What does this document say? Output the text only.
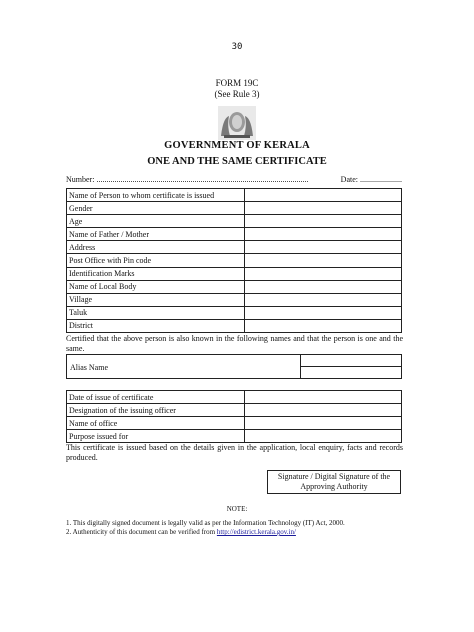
30
FORM 19C
(See Rule 3)
GOVERNMENT OF KERALA
ONE AND THE SAME CERTIFICATE
Number: ..........................................................................................................	Date: .....................
Name of Person to whom certificate is issued	
Gender	
Age	
Name of Father / Mother	
Address	
Post Office with Pin code	
Identification Marks	
Name of Local Body	
Village	
Taluk	
District	
Certified that the above person is also known in the following names and that the person is one and the same.
Alias Name
Date of issue of certificate	
Designation of the issuing officer	
Name of office	
Purpose issued for	
This certificate is issued based on the details given in the application, local enquiry, facts and records produced.
Signature / Digital Signature of the
Approving Authority
NOTE:
1. This digitally signed document is legally valid as per the Information Technology (IT) Act, 2000.
2. Authenticity of this document can be verified from http://edistrict.kerala.gov.in/
